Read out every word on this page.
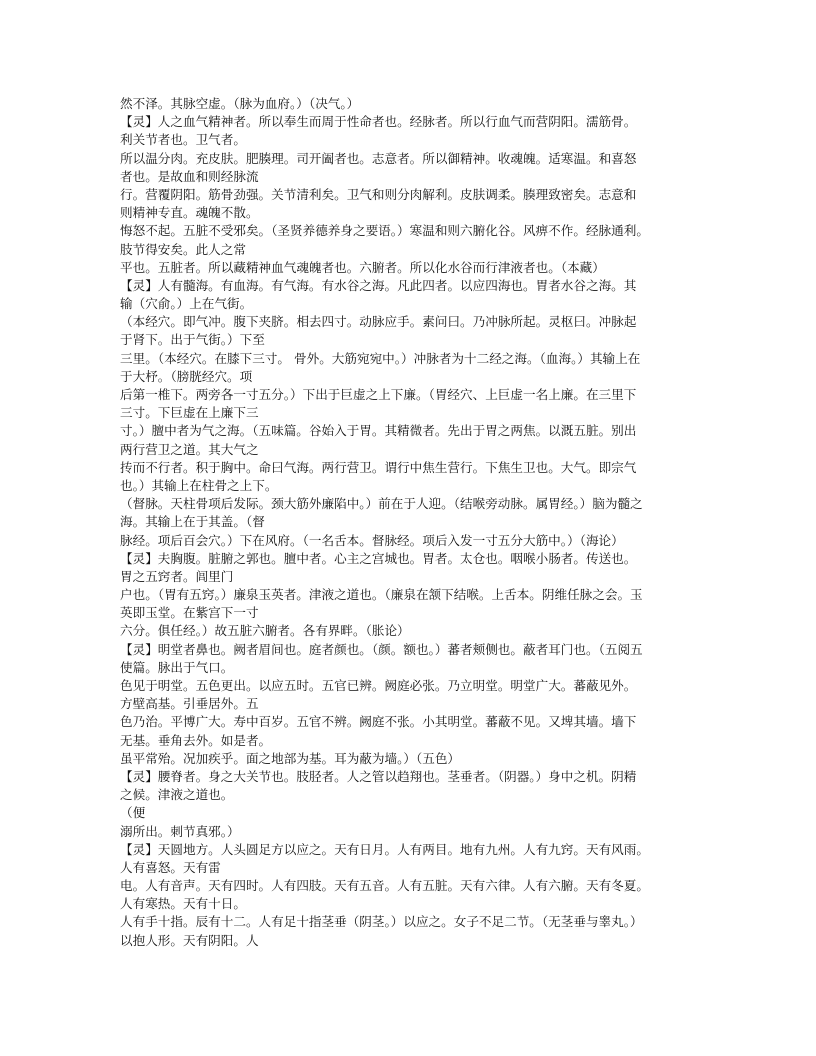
然不泽。其脉空虚。（脉为血府。）（决气。）
【灵】人之血气精神者。所以奉生而周于性命者也。经脉者。所以行血气而营阴阳。濡筋骨。
利关节者也。卫气者。
所以温分肉。充皮肤。肥腠理。司开阖者也。志意者。所以御精神。收魂魄。适寒温。和喜怒
者也。是故血和则经脉流
行。营覆阴阳。筋骨劲强。关节清利矣。卫气和则分肉解利。皮肤调柔。腠理致密矣。志意和
则精神专直。魂魄不散。
悔怒不起。五脏不受邪矣。（圣贤养德养身之要语。）寒温和则六腑化谷。风痹不作。经脉通利。
肢节得安矣。此人之常
平也。五脏者。所以藏精神血气魂魄者也。六腑者。所以化水谷而行津液者也。（本藏）
【灵】人有髓海。有血海。有气海。有水谷之海。凡此四者。以应四海也。胃者水谷之海。其
输（穴俞。）上在气街。
（本经穴。即气冲。腹下夹脐。相去四寸。动脉应手。素问曰。乃冲脉所起。灵枢曰。冲脉起
于肾下。出于气街。）下至
三里。（本经穴。在膝下三寸。 骨外。大筋宛宛中。）冲脉者为十二经之海。（血海。）其输上在
于大杼。（膀胱经穴。项
后第一椎下。两旁各一寸五分。）下出于巨虚之上下廉。（胃经穴、上巨虚一名上廉。在三里下
三寸。下巨虚在上廉下三
寸。）膻中者为气之海。（五味篇。谷始入于胃。其精微者。先出于胃之两焦。以溉五脏。别出
两行营卫之道。其大气之
抟而不行者。积于胸中。命曰气海。两行营卫。谓行中焦生营行。下焦生卫也。大气。即宗气
也。）其输上在柱骨之上下。
（督脉。天柱骨项后发际。颈大筋外廉陷中。）前在于人迎。（结喉旁动脉。属胃经。）脑为髓之
海。其输上在于其盖。（督
脉经。项后百会穴。）下在风府。（一名舌本。督脉经。项后入发一寸五分大筋中。）（海论）
【灵】夫胸腹。脏腑之郭也。膻中者。心主之宫城也。胃者。太仓也。咽喉小肠者。传送也。
胃之五窍者。闾里门
户也。（胃有五窍。）廉泉玉英者。津液之道也。（廉泉在颔下结喉。上舌本。阴维任脉之会。玉
英即玉堂。在紫宫下一寸
六分。俱任经。）故五脏六腑者。各有界畔。（胀论）
【灵】明堂者鼻也。阙者眉间也。庭者颜也。（颜。额也。）蕃者颊侧也。蔽者耳门也。（五阅五
使篇。脉出于气口。
色见于明堂。五色更出。以应五时。五官已辨。阙庭必张。乃立明堂。明堂广大。蕃蔽见外。
方壁高基。引垂居外。五
色乃治。平博广大。寿中百岁。五官不辨。阙庭不张。小其明堂。蕃蔽不见。又埤其墙。墙下
无基。垂角去外。如是者。
虽平常殆。况加疾乎。面之地部为基。耳为蔽为墙。）（五色）
【灵】腰脊者。身之大关节也。肢胫者。人之管以趋翔也。茎垂者。（阴器。）身中之机。阴精
之候。津液之道也。
（便
溺所出。刺节真邪。）
【灵】天圆地方。人头圆足方以应之。天有日月。人有两目。地有九州。人有九窍。天有风雨。
人有喜怒。天有雷
电。人有音声。天有四时。人有四肢。天有五音。人有五脏。天有六律。人有六腑。天有冬夏。
人有寒热。天有十日。
人有手十指。辰有十二。人有足十指茎垂（阴茎。）以应之。女子不足二节。（无茎垂与睾丸。）
以抱人形。天有阴阳。人
